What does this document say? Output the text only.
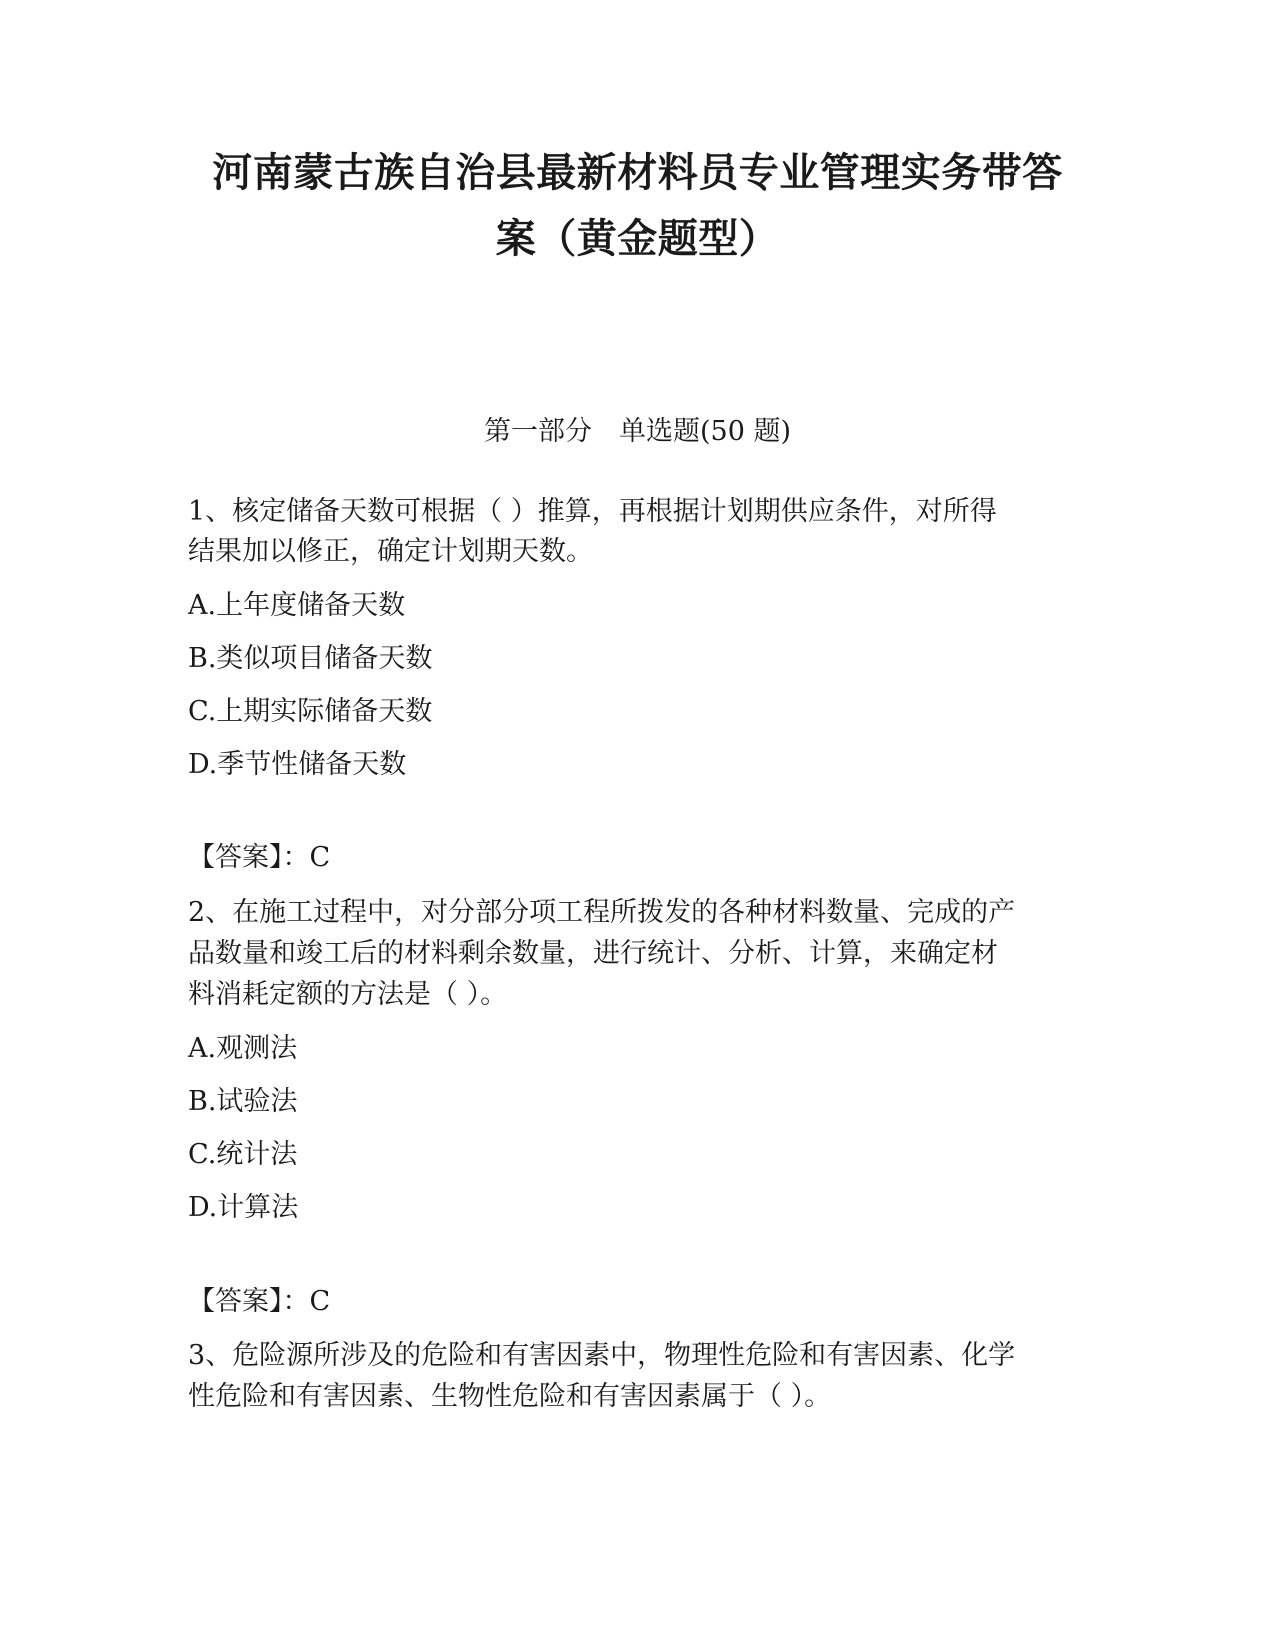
河南蒙古族自治县最新材料员专业管理实务带答
案（黄金题型）
第一部分　单选题(50 题)
1、核定储备天数可根据（ ）推算，再根据计划期供应条件，对所得
结果加以修正，确定计划期天数。
A.上年度储备天数
B.类似项目储备天数
C.上期实际储备天数
D.季节性储备天数
【答案】：C
2、在施工过程中，对分部分项工程所拨发的各种材料数量、完成的产
品数量和竣工后的材料剩余数量，进行统计、分析、计算，来确定材
料消耗定额的方法是（ ）。
A.观测法
B.试验法
C.统计法
D.计算法
【答案】：C
3、危险源所涉及的危险和有害因素中，物理性危险和有害因素、化学
性危险和有害因素、生物性危险和有害因素属于（ ）。
